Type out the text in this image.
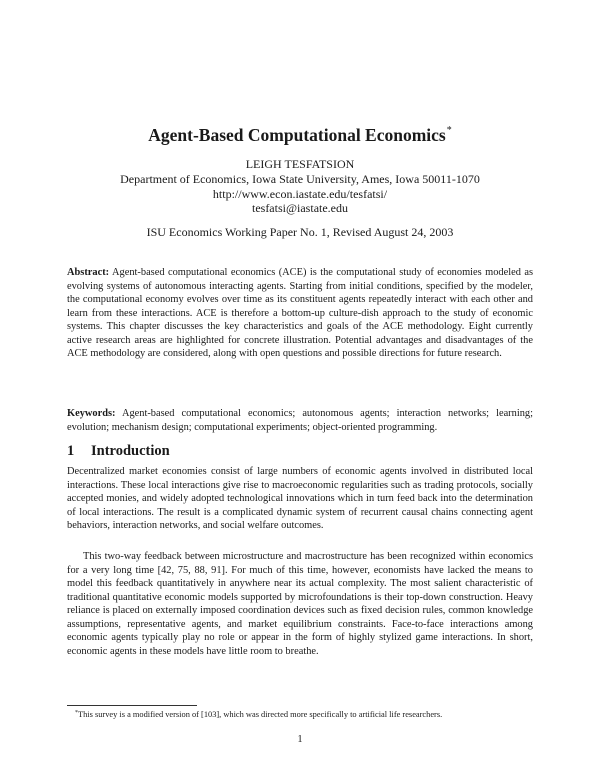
Agent-Based Computational Economics*
LEIGH TESFATSION
Department of Economics, Iowa State University, Ames, Iowa 50011-1070
http://www.econ.iastate.edu/tesfatsi/
tesfatsi@iastate.edu
ISU Economics Working Paper No. 1, Revised August 24, 2003
Abstract: Agent-based computational economics (ACE) is the computational study of economies modeled as evolving systems of autonomous interacting agents. Starting from initial conditions, specified by the modeler, the computational economy evolves over time as its constituent agents repeatedly interact with each other and learn from these interactions. ACE is therefore a bottom-up culture-dish approach to the study of economic systems. This chapter discusses the key characteristics and goals of the ACE methodology. Eight currently active research areas are highlighted for concrete illustration. Potential advantages and disadvantages of the ACE methodology are considered, along with open questions and possible directions for future research.
Keywords: Agent-based computational economics; autonomous agents; interaction networks; learning; evolution; mechanism design; computational experiments; object-oriented programming.
1 Introduction
Decentralized market economies consist of large numbers of economic agents involved in distributed local interactions. These local interactions give rise to macroeconomic regularities such as trading protocols, socially accepted monies, and widely adopted technological innovations which in turn feed back into the determination of local interactions. The result is a complicated dynamic system of recurrent causal chains connecting agent behaviors, interaction networks, and social welfare outcomes.
This two-way feedback between microstructure and macrostructure has been recognized within economics for a very long time [42, 75, 88, 91]. For much of this time, however, economists have lacked the means to model this feedback quantitatively in anywhere near its actual complexity. The most salient characteristic of traditional quantitative economic models supported by microfoundations is their top-down construction. Heavy reliance is placed on externally imposed coordination devices such as fixed decision rules, common knowledge assumptions, representative agents, and market equilibrium constraints. Face-to-face interactions among economic agents typically play no role or appear in the form of highly stylized game interactions. In short, economic agents in these models have little room to breathe.
*This survey is a modified version of [103], which was directed more specifically to artificial life researchers.
1
